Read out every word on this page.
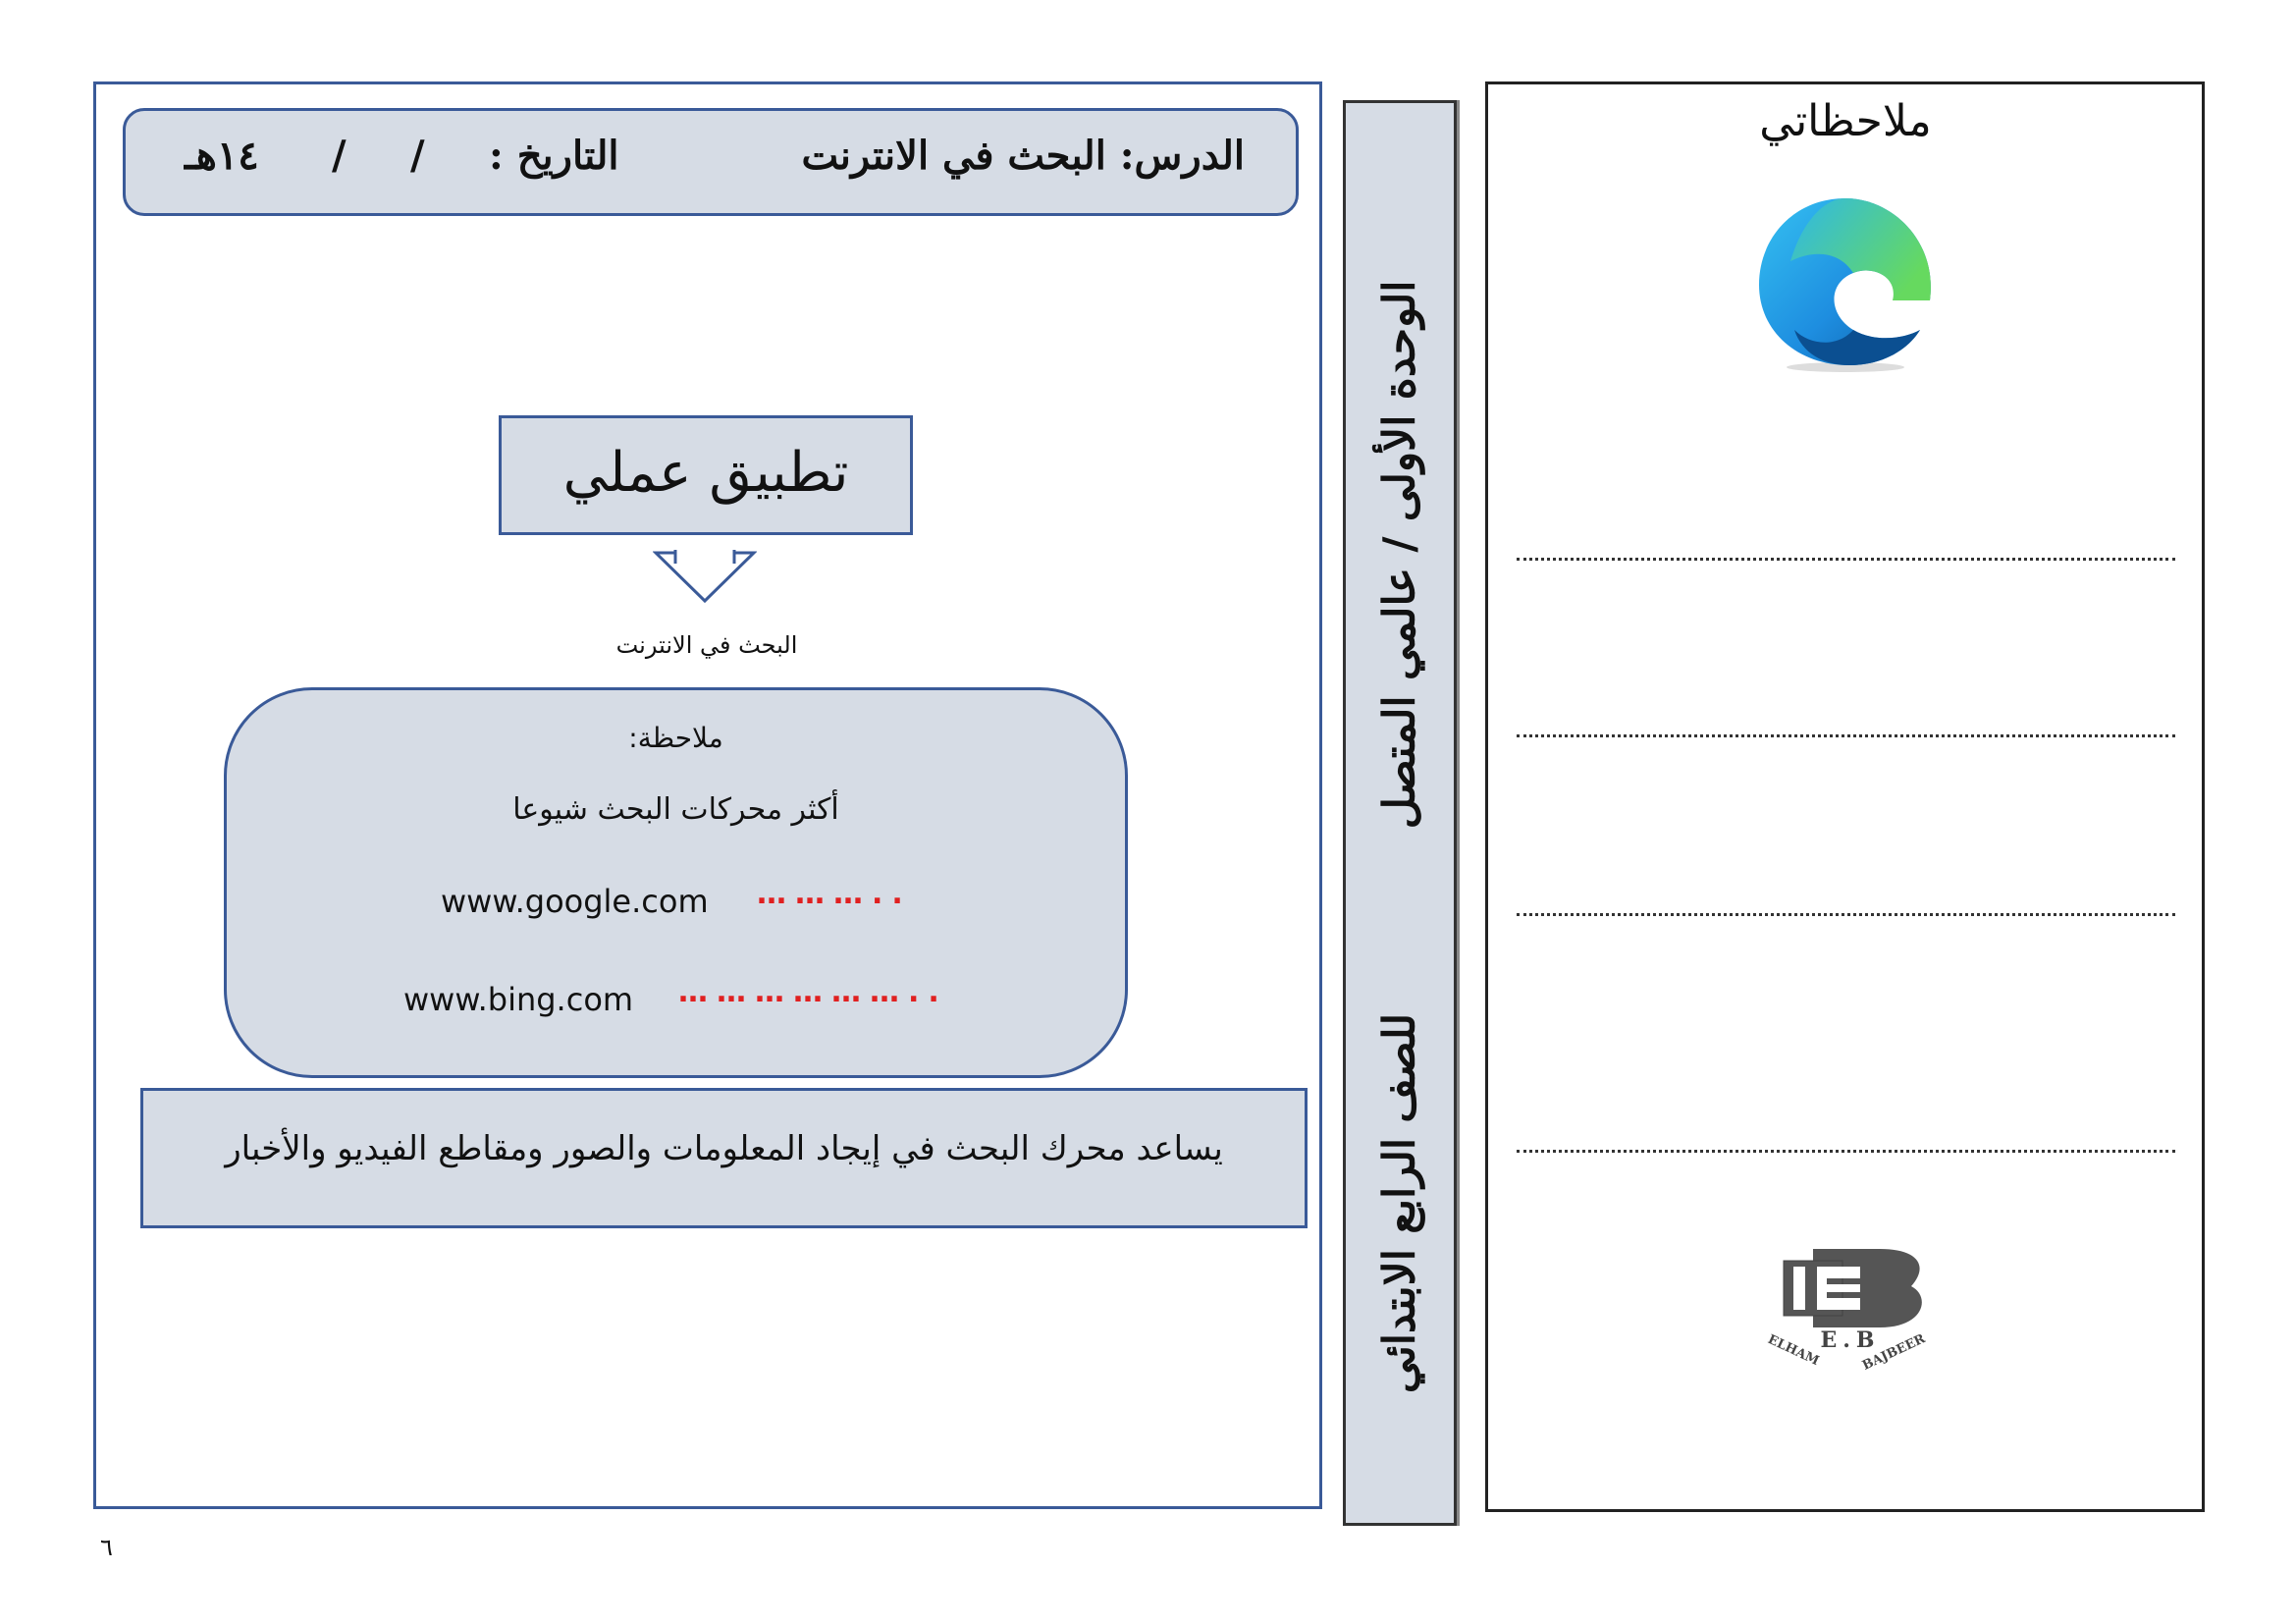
الدرس: البحث في الانترنت
التاريخ :
/
/
١٤هـ
تطبيق عملي
البحث في الانترنت
ملاحظة:
أكثر محركات البحث شيوعا
www.google.com ………..
www.bing.com ………………..
يساعد محرك البحث في إيجاد المعلومات والصور ومقاطع الفيديو والأخبار
٦
الوحدة الأولى / عالمي المتصل
للصف الرابع الابتدائي
ملاحظاتي
E.B
ELHAM	BAJBEER
